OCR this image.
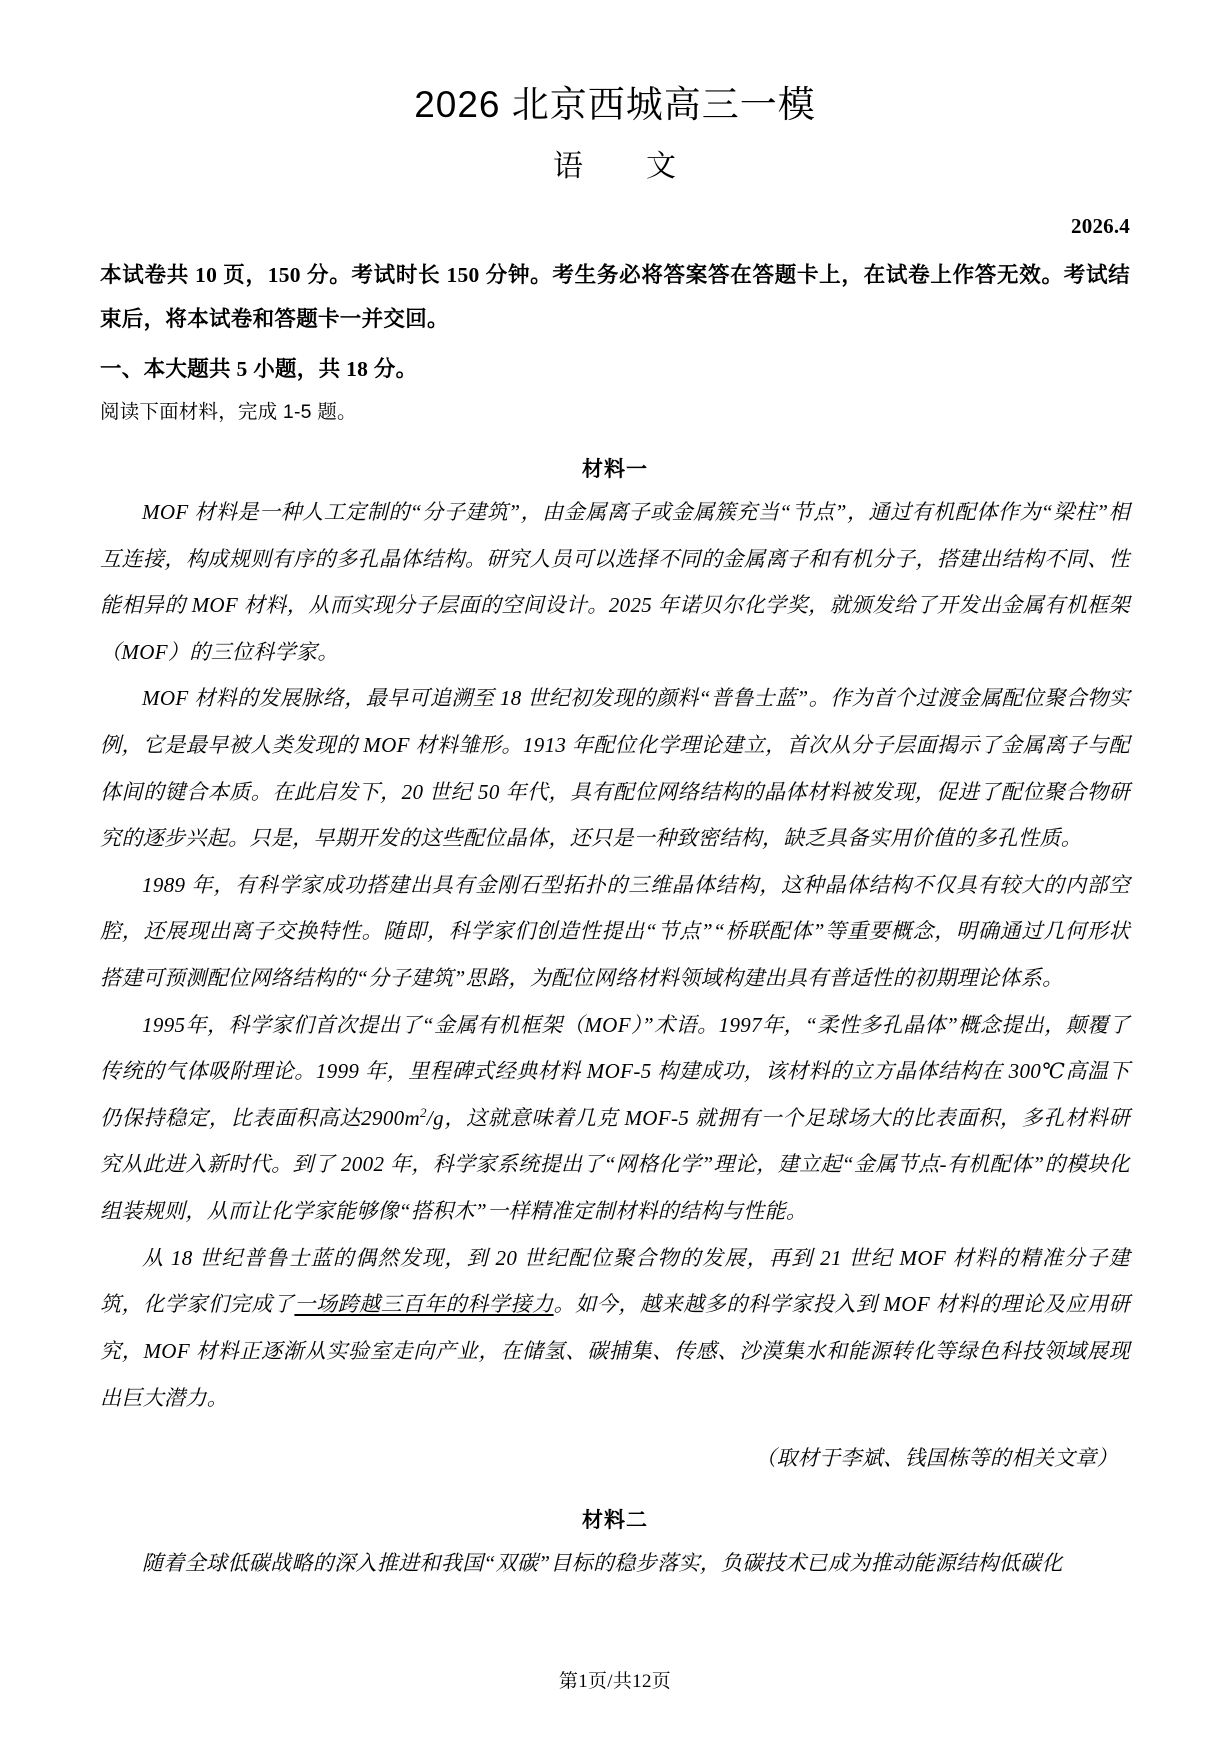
2026 北京西城高三一模
语　　文
2026.4

本试卷共 10 页，150 分。考试时长 150 分钟。考生务必将答案答在答题卡上，在试卷上作答无效。考试结束后，将本试卷和答题卡一并交回。

一、本大题共 5 小题，共 18 分。

阅读下面材料，完成 1-5 题。

材料一

MOF 材料是一种人工定制的“分子建筑”，由金属离子或金属簇充当“节点”，通过有机配体作为“梁柱”相互连接，构成规则有序的多孔晶体结构。研究人员可以选择不同的金属离子和有机分子，搭建出结构不同、性能相异的 MOF 材料，从而实现分子层面的空间设计。2025 年诺贝尔化学奖，就颁发给了开发出金属有机框架（MOF）的三位科学家。

MOF 材料的发展脉络，最早可追溯至 18 世纪初发现的颜料“普鲁士蓝”。作为首个过渡金属配位聚合物实例，它是最早被人类发现的 MOF 材料雏形。1913 年配位化学理论建立，首次从分子层面揭示了金属离子与配体间的键合本质。在此启发下，20 世纪 50 年代，具有配位网络结构的晶体材料被发现，促进了配位聚合物研究的逐步兴起。只是，早期开发的这些配位晶体，还只是一种致密结构，缺乏具备实用价值的多孔性质。

1989 年，有科学家成功搭建出具有金刚石型拓扑的三维晶体结构，这种晶体结构不仅具有较大的内部空腔，还展现出离子交换特性。随即，科学家们创造性提出“节点”“桥联配体”等重要概念，明确通过几何形状搭建可预测配位网络结构的“分子建筑”思路，为配位网络材料领域构建出具有普适性的初期理论体系。

1995年，科学家们首次提出了“金属有机框架（MOF）”术语。1997年，“柔性多孔晶体”概念提出，颠覆了传统的气体吸附理论。1999 年，里程碑式经典材料 MOF-5 构建成功，该材料的立方晶体结构在 300℃高温下仍保持稳定，比表面积高达$2900m^2/g$，这就意味着几克 MOF-5 就拥有一个足球场大的比表面积，多孔材料研究从此进入新时代。到了 2002 年，科学家系统提出了“网格化学”理论，建立起“金属节点-有机配体”的模块化组装规则，从而让化学家能够像“搭积木”一样精准定制材料的结构与性能。

从 18 世纪普鲁士蓝的偶然发现，到 20 世纪配位聚合物的发展，再到 21 世纪 MOF 材料的精准分子建筑，化学家们完成了一场跨越三百年的科学接力。如今，越来越多的科学家投入到 MOF 材料的理论及应用研究，MOF 材料正逐渐从实验室走向产业，在储氢、碳捕集、传感、沙漠集水和能源转化等绿色科技领域展现出巨大潜力。

（取材于李斌、钱国栋等的相关文章）

材料二

随着全球低碳战略的深入推进和我国“双碳”目标的稳步落实，负碳技术已成为推动能源结构低碳化

第1页/共12页
